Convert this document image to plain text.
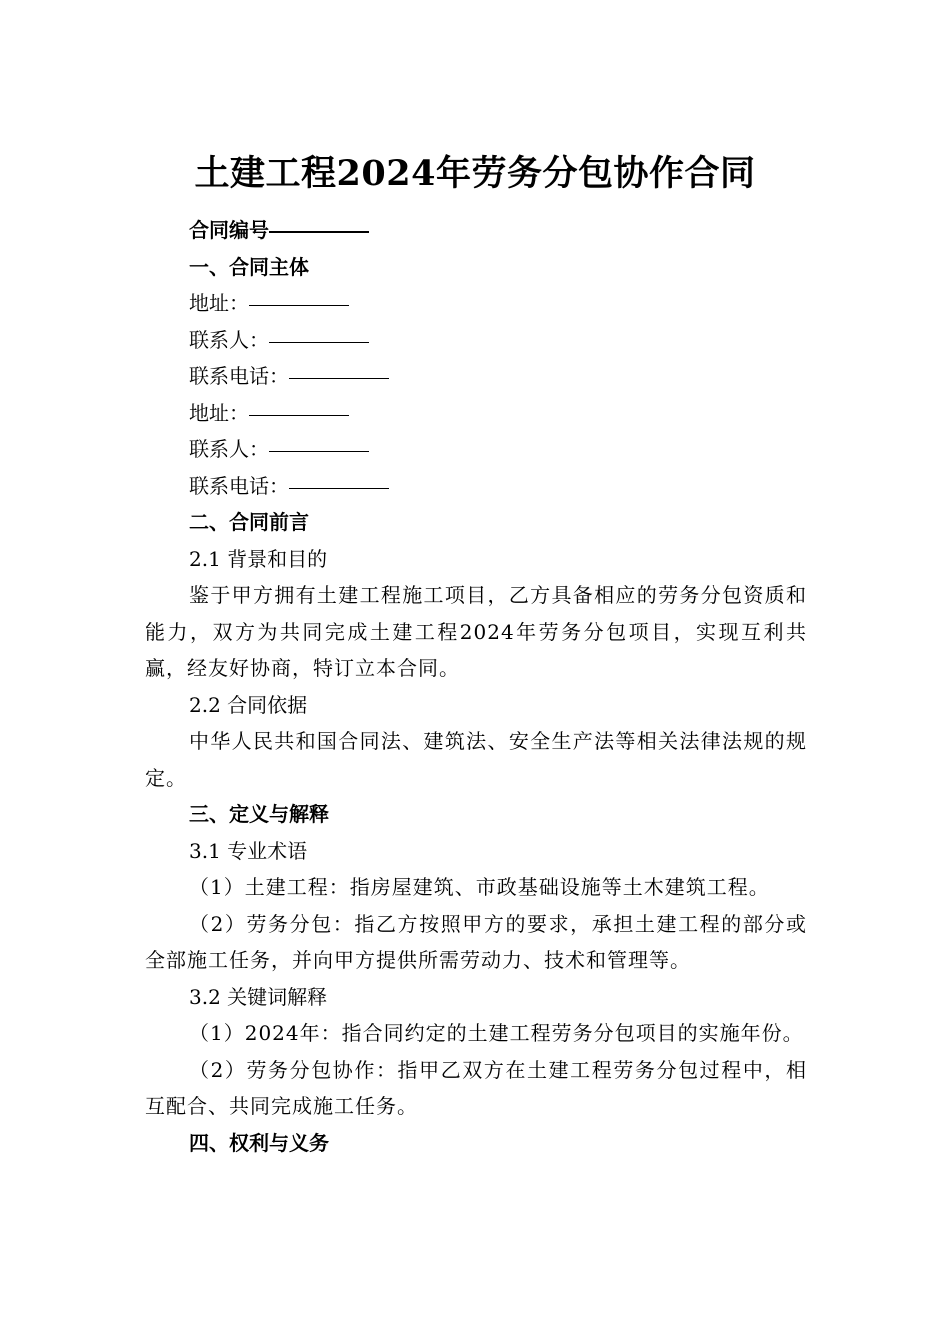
土建工程2024年劳务分包协作合同
合同编号
一、合同主体
地址：
联系人：
联系电话：
地址：
联系人：
联系电话：
二、合同前言
2.1 背景和目的
鉴于甲方拥有土建工程施工项目，乙方具备相应的劳务分包资质和能力，双方为共同完成土建工程2024年劳务分包项目，实现互利共赢，经友好协商，特订立本合同。
2.2 合同依据
中华人民共和国合同法、建筑法、安全生产法等相关法律法规的规定。
三、定义与解释
3.1 专业术语
（1）土建工程：指房屋建筑、市政基础设施等土木建筑工程。
（2）劳务分包：指乙方按照甲方的要求，承担土建工程的部分或全部施工任务，并向甲方提供所需劳动力、技术和管理等。
3.2 关键词解释
（1）2024年：指合同约定的土建工程劳务分包项目的实施年份。
（2）劳务分包协作：指甲乙双方在土建工程劳务分包过程中，相互配合、共同完成施工任务。
四、权利与义务
